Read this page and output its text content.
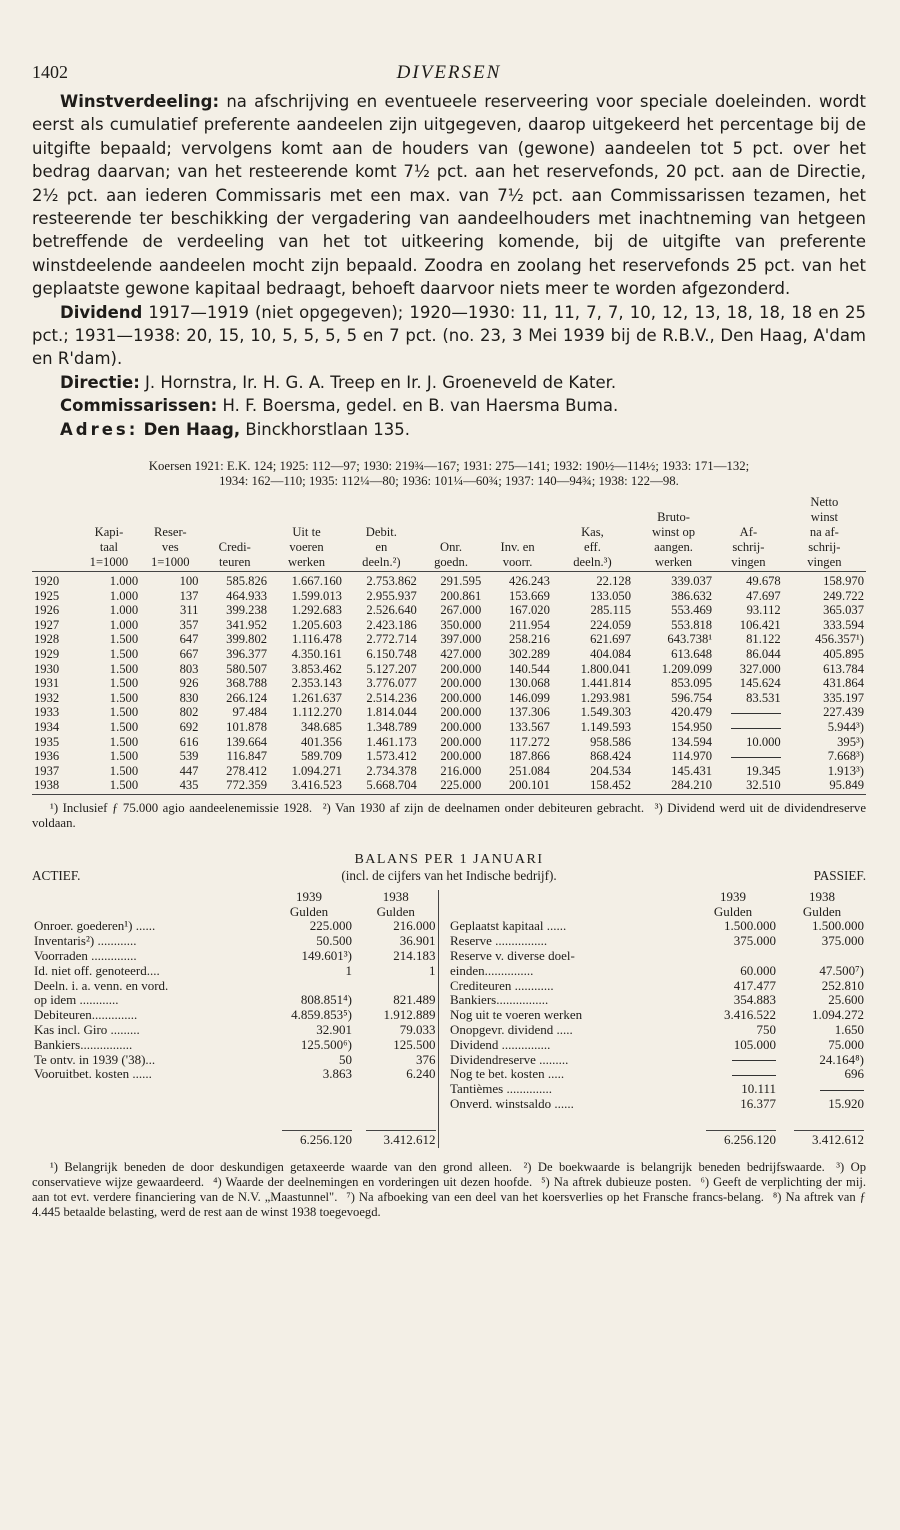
1402	DIVERSEN

Winstverdeeling: na afschrijving en eventueele reserveering voor speciale doeleinden. wordt eerst als cumulatief preferente aandeelen zijn uitgegeven, daarop uitgekeerd het percentage bij de uitgifte bepaald; vervolgens komt aan de houders van (gewone) aandeelen tot 5 pct. over het bedrag daarvan; van het resteerende komt 7½ pct. aan het reservefonds, 20 pct. aan de Directie, 2½ pct. aan iederen Commissaris met een max. van 7½ pct. aan Commissarissen tezamen, het resteerende ter beschikking der vergadering van aandeelhouders met inachtneming van hetgeen betreffende de verdeeling van het tot uitkeering komende, bij de uitgifte van preferente winstdeelende aandeelen mocht zijn bepaald. Zoodra en zoolang het reservefonds 25 pct. van het geplaatste gewone kapitaal bedraagt, behoeft daarvoor niets meer te worden afgezonderd.

Dividend 1917—1919 (niet opgegeven); 1920—1930: 11, 11, 7, 7, 10, 12, 13, 18, 18, 18 en 25 pct.; 1931—1938: 20, 15, 10, 5, 5, 5, 5 en 7 pct. (no. 23, 3 Mei 1939 bij de R.B.V., Den Haag, A'dam en R'dam).

Directie: J. Hornstra, Ir. H. G. A. Treep en Ir. J. Groeneveld de Kater.

Commissarissen: H. F. Boersma, gedel. en B. van Haersma Buma.

Adres: Den Haag, Binckhorstlaan 135.

Koersen 1921: E.K. 124; 1925: 112—97; 1930: 219¾—167; 1931: 275—141; 1932: 190½—114½; 1933: 171—132;
1934: 162—110; 1935: 112¼—80; 1936: 101¼—60¾; 1937: 140—94¾; 1938: 122—98.
											Netto
									Bruto-		winst
	Kapi-	Reser-		Uit te	Debit.			Kas,	winst op	Af-	na af-
	taal	ves	Credi-	voeren	en	Onr.	Inv. en	eff.	aangen.	schrij-	schrij-
	1=1000	1=1000	teuren	werken	deeln.²)	goedn.	voorr.	deeln.³)	werken	vingen	vingen
1920	1.000	100	585.826	1.667.160	2.753.862	291.595	426.243	22.128	339.037	49.678	158.970
1925	1.000	137	464.933	1.599.013	2.955.937	200.861	153.669	133.050	386.632	47.697	249.722
1926	1.000	311	399.238	1.292.683	2.526.640	267.000	167.020	285.115	553.469	93.112	365.037
1927	1.000	357	341.952	1.205.603	2.423.186	350.000	211.954	224.059	553.818	106.421	333.594
1928	1.500	647	399.802	1.116.478	2.772.714	397.000	258.216	621.697	643.738¹	81.122	456.357¹)
1929	1.500	667	396.377	4.350.161	6.150.748	427.000	302.289	404.084	613.648	86.044	405.895
1930	1.500	803	580.507	3.853.462	5.127.207	200.000	140.544	1.800.041	1.209.099	327.000	613.784
1931	1.500	926	368.788	2.353.143	3.776.077	200.000	130.068	1.441.814	853.095	145.624	431.864
1932	1.500	830	266.124	1.261.637	2.514.236	200.000	146.099	1.293.981	596.754	83.531	335.197
1933	1.500	802	97.484	1.112.270	1.814.044	200.000	137.306	1.549.303	420.479		227.439
1934	1.500	692	101.878	348.685	1.348.789	200.000	133.567	1.149.593	154.950		5.944³)
1935	1.500	616	139.664	401.356	1.461.173	200.000	117.272	958.586	134.594	10.000	395³)
1936	1.500	539	116.847	589.709	1.573.412	200.000	187.866	868.424	114.970		7.668³)
1937	1.500	447	278.412	1.094.271	2.734.378	216.000	251.084	204.534	145.431	19.345	1.913³)
1938	1.500	435	772.359	3.416.523	5.668.704	225.000	200.101	158.452	284.210	32.510	95.849
¹) Inclusief ƒ 75.000 agio aandeelenemissie 1928. ²) Van 1930 af zijn de deelnamen onder debiteuren gebracht. ³) Dividend werd uit de dividendreserve voldaan.
BALANS PER 1 JANUARI
ACTIEF.	(incl. de cijfers van het Indische bedrijf).	PASSIEF.
	1939	1938			1939	1938
	Gulden	Gulden			Gulden	Gulden
Onroer. goederen¹) ......	225.000	216.000		Geplaatst kapitaal ......	1.500.000	1.500.000
Inventaris²) ............	50.500	36.901		Reserve ................	375.000	375.000
Voorraden ..............	149.601³)	214.183		Reserve v. diverse doel-		
Id. niet off. genoteerd....	1	1		einden...............	60.000	47.500⁷)
Deeln. i. a. venn. en vord.				Crediteuren ............	417.477	252.810
op idem ............	808.851⁴)	821.489		Bankiers................	354.883	25.600
Debiteuren..............	4.859.853⁵)	1.912.889		Nog uit te voeren werken	3.416.522	1.094.272
Kas incl. Giro .........	32.901	79.033		Onopgevr. dividend .....	750	1.650
Bankiers................	125.500⁶)	125.500		Dividend ...............	105.000	75.000
Te ontv. in 1939 ('38)...	50	376		Dividendreserve .........		24.164⁸)
Vooruitbet. kosten ......	3.863	6.240		Nog te bet. kosten .....		696
				Tantièmes ..............	10.111	
				Onverd. winstsaldo ......	16.377	15.920

	6.256.120	3.412.612			6.256.120	3.412.612
¹) Belangrijk beneden de door deskundigen getaxeerde waarde van den grond alleen. ²) De boekwaarde is belangrijk beneden bedrijfswaarde. ³) Op conservatieve wijze gewaardeerd. ⁴) Waarde der deelnemingen en vorderingen uit dezen hoofde. ⁵) Na aftrek dubieuze posten. ⁶) Geeft de verplichting der mij. aan tot evt. verdere financiering van de N.V. „Maastunnel". ⁷) Na afboeking van een deel van het koersverlies op het Fransche francs-belang. ⁸) Na aftrek van ƒ 4.445 betaalde belasting, werd de rest aan de winst 1938 toegevoegd.
